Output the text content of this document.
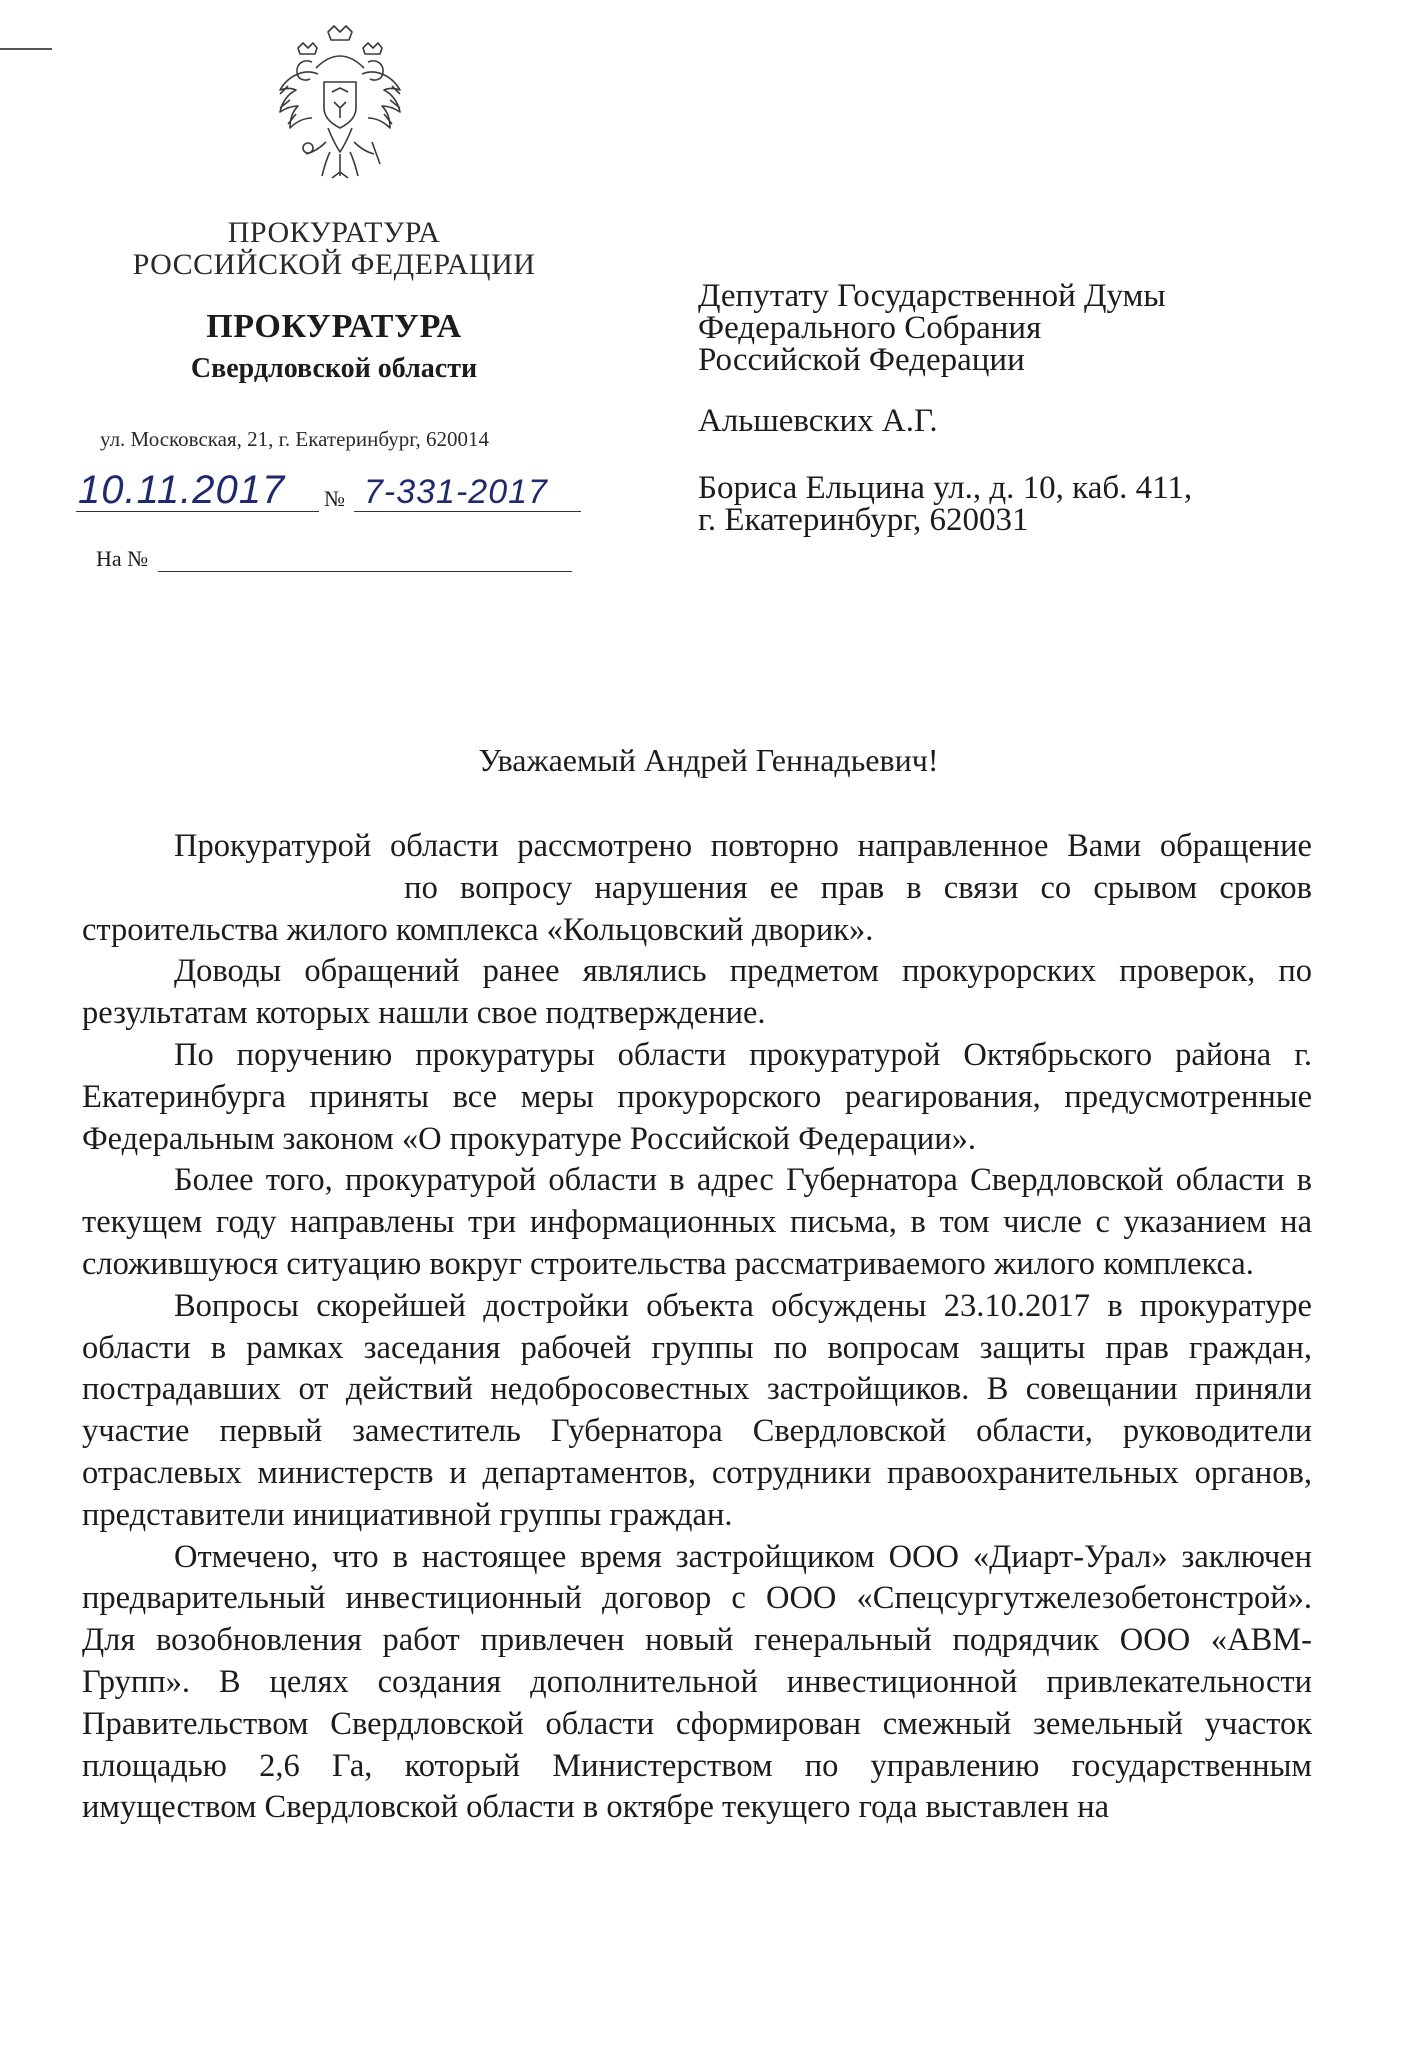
ПРОКУРАТУРА
РОССИЙСКОЙ ФЕДЕРАЦИИ
ПРОКУРАТУРА
Свердловской области
ул. Московская, 21, г. Екатеринбург, 620014
10.11.2017 № 7-331-2017
На №
Депутату Государственной Думы
Федерального Собрания
Российской Федерации
Альшевских А.Г.
Бориса Ельцина ул., д. 10, каб. 411,
г. Екатеринбург, 620031
Уважаемый Андрей Геннадьевич!

Прокуратурой области рассмотрено повторно направленное Вами обращение  по вопросу нарушения ее прав в связи со срывом сроков строительства жилого комплекса «Кольцовский дворик».

Доводы обращений ранее являлись предметом прокурорских проверок, по результатам которых нашли свое подтверждение.

По поручению прокуратуры области прокуратурой Октябрьского района г. Екатеринбурга приняты все меры прокурорского реагирования, предусмотренные Федеральным законом «О прокуратуре Российской Федерации».

Более того, прокуратурой области в адрес Губернатора Свердловской области в текущем году направлены три информационных письма, в том числе с указанием на сложившуюся ситуацию вокруг строительства рассматриваемого жилого комплекса.

Вопросы скорейшей достройки объекта обсуждены 23.10.2017 в прокуратуре области в рамках заседания рабочей группы по вопросам защиты прав граждан, пострадавших от действий недобросовестных застройщиков. В совещании приняли участие первый заместитель Губернатора Свердловской области, руководители отраслевых министерств и департаментов, сотрудники правоохранительных органов, представители инициативной группы граждан.

Отмечено, что в настоящее время застройщиком ООО «Диарт-Урал» заключен предварительный инвестиционный договор с ООО «Спецсургутжелезобетонстрой». Для возобновления работ привлечен новый генеральный подрядчик ООО «АВМ-Групп». В целях создания дополнительной инвестиционной привлекательности Правительством Свердловской области сформирован смежный земельный участок площадью 2,6 Га, который Министерством по управлению государственным имуществом Свердловской области в октябре текущего года выставлен на
